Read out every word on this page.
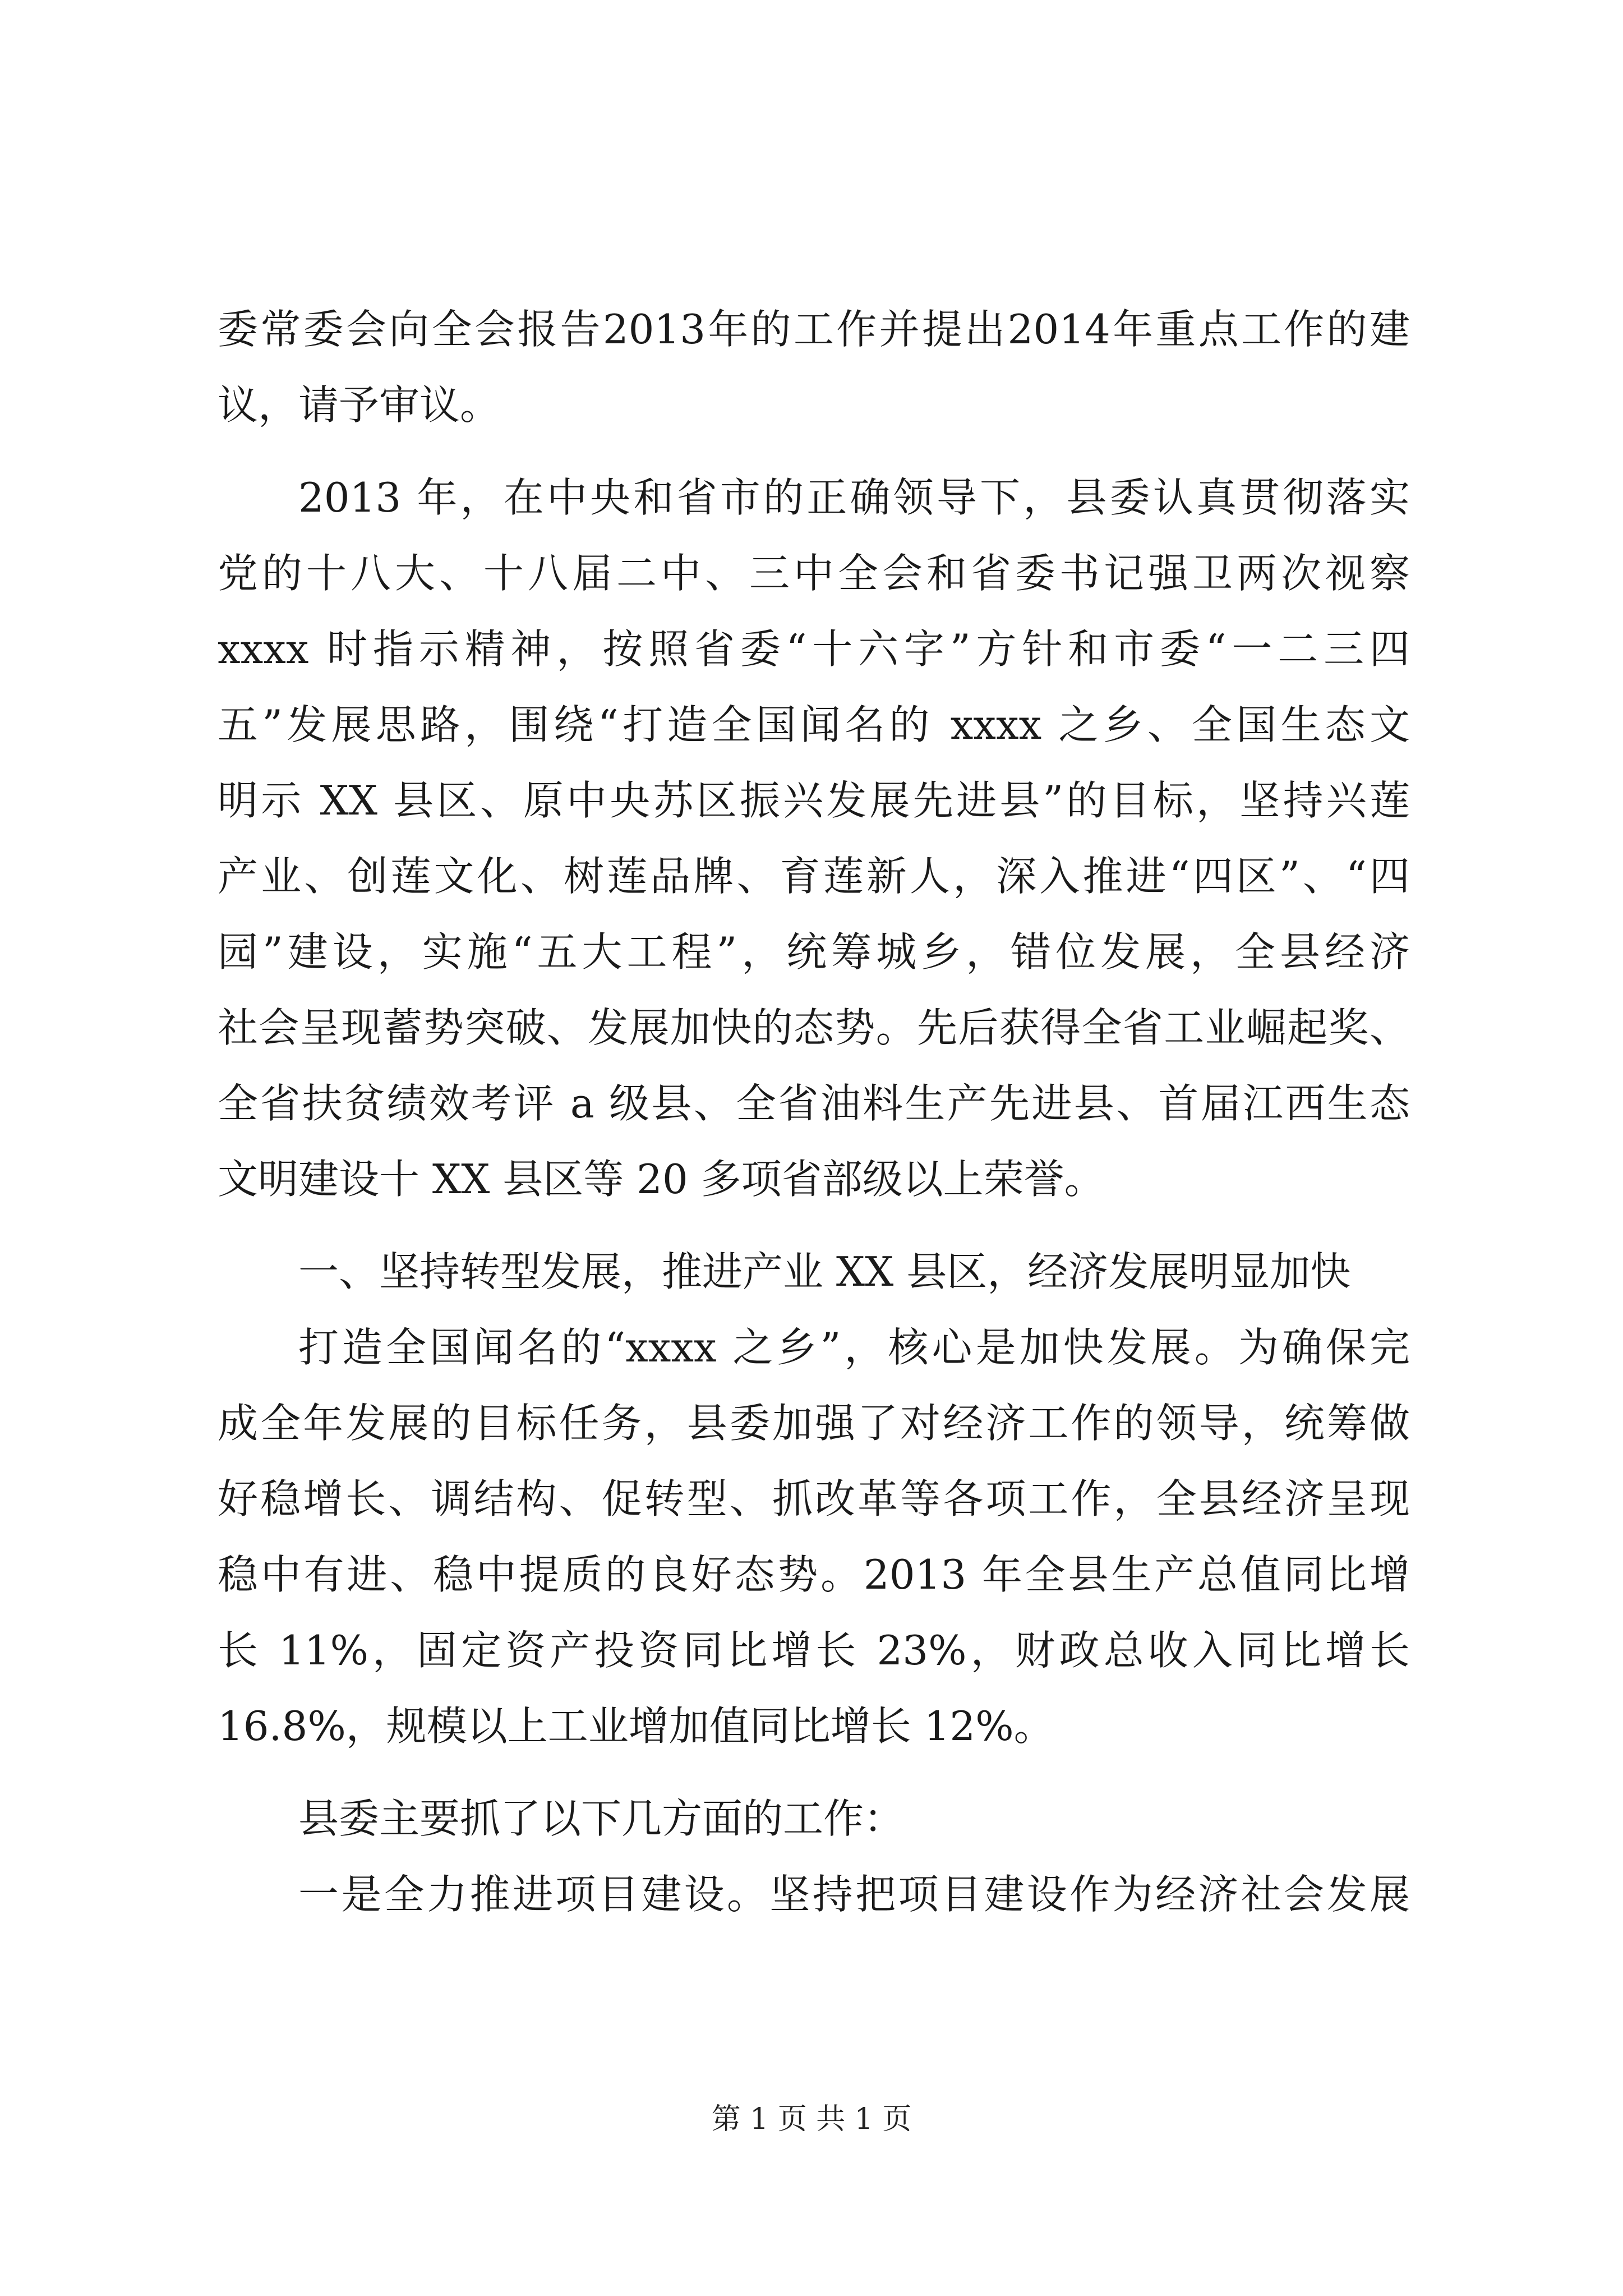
委常委会向全会报告2013年的工作并提出2014年重点工作的建
议，请予审议。
2013 年，在中央和省市的正确领导下，县委认真贯彻落实
党的十八大、十八届二中、三中全会和省委书记强卫两次视察
xxxx 时指示精神，按照省委“十六字”方针和市委“一二三四
五”发展思路，围绕“打造全国闻名的 xxxx 之乡、全国生态文
明示 XX 县区、原中央苏区振兴发展先进县”的目标，坚持兴莲
产业、创莲文化、树莲品牌、育莲新人，深入推进“四区”、“四
园”建设，实施“五大工程”，统筹城乡，错位发展，全县经济
社会呈现蓄势突破、发展加快的态势。先后获得全省工业崛起奖、
全省扶贫绩效考评 a 级县、全省油料生产先进县、首届江西生态
文明建设十 XX 县区等 20 多项省部级以上荣誉。
一、坚持转型发展，推进产业 XX 县区，经济发展明显加快
打造全国闻名的“xxxx 之乡”，核心是加快发展。为确保完
成全年发展的目标任务，县委加强了对经济工作的领导，统筹做
好稳增长、调结构、促转型、抓改革等各项工作，全县经济呈现
稳中有进、稳中提质的良好态势。2013 年全县生产总值同比增
长 11%，固定资产投资同比增长 23%，财政总收入同比增长
16.8%，规模以上工业增加值同比增长 12%。
县委主要抓了以下几方面的工作：
一是全力推进项目建设。坚持把项目建设作为经济社会发展
第 1 页 共 1 页
